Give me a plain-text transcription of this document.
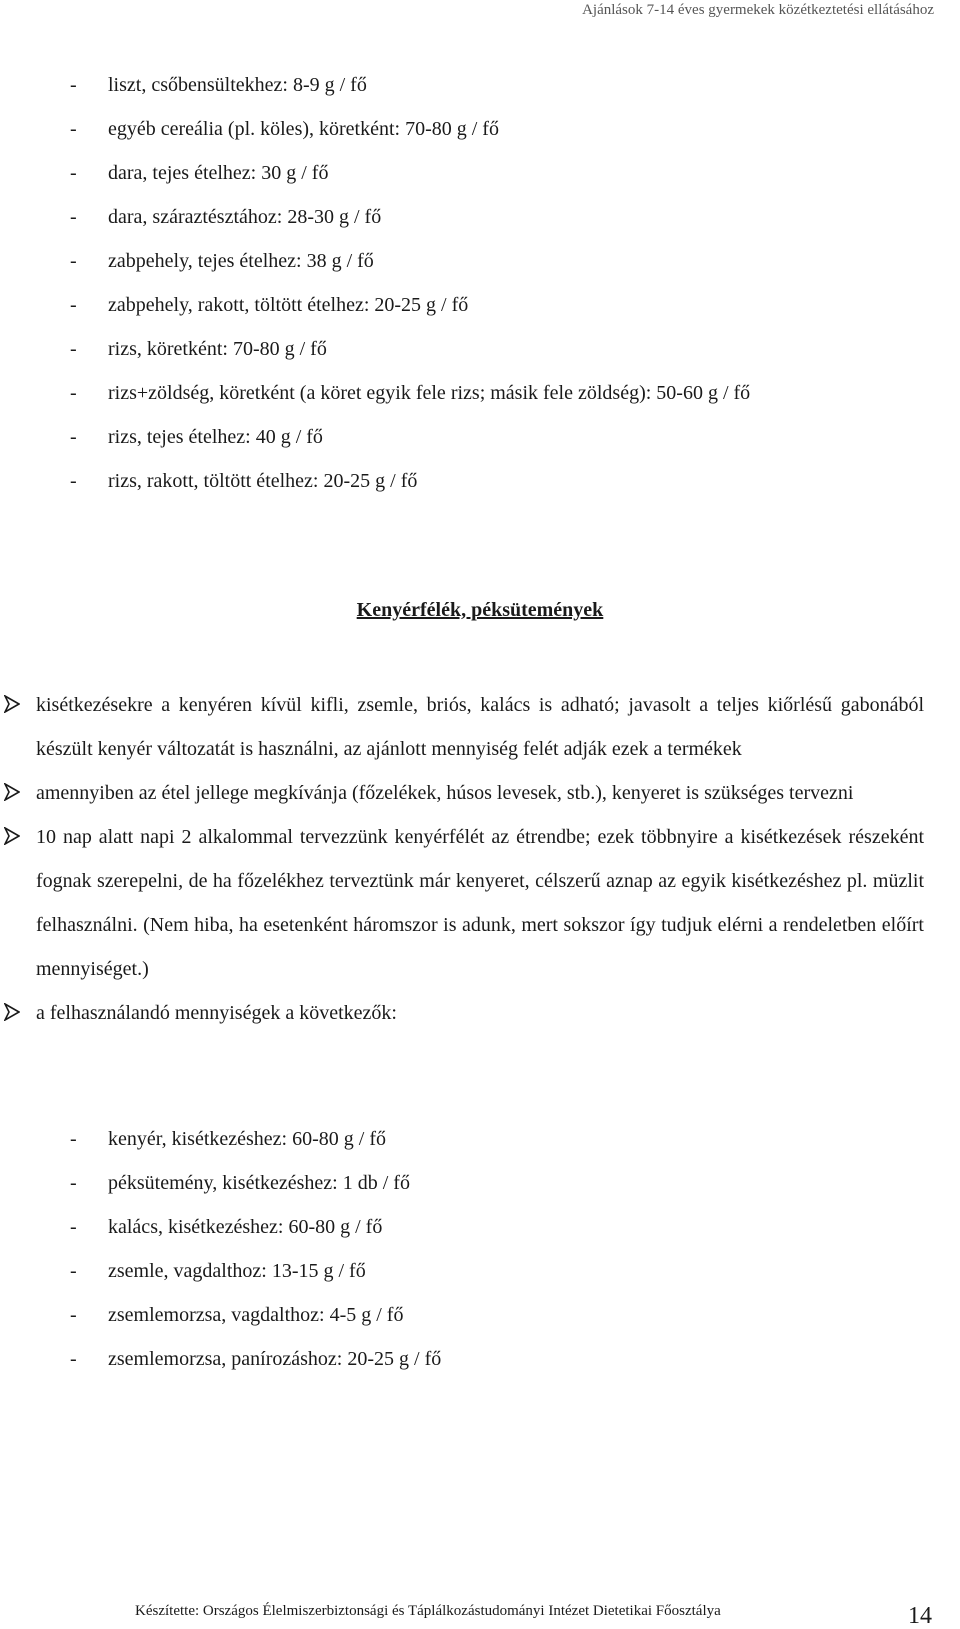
Ajánlások 7-14 éves gyermekek közétkeztetési ellátásához
-	liszt, csőbensültekhez: 8-9 g / fő
-	egyéb cereália (pl. köles), köretként: 70-80 g / fő
-	dara, tejes ételhez: 30 g / fő
-	dara, száraztésztához: 28-30 g / fő
-	zabpehely, tejes ételhez: 38 g / fő
-	zabpehely, rakott, töltött ételhez: 20-25 g / fő
-	rizs, köretként: 70-80 g / fő
-	rizs+zöldség, köretként (a köret egyik fele rizs; másik fele zöldség): 50-60 g / fő
-	rizs, tejes ételhez: 40 g / fő
-	rizs, rakott, töltött ételhez: 20-25 g / fő
Kenyérfélék, péksütemények
kisétkezésekre a kenyéren kívül kifli, zsemle, briós, kalács is adható; javasolt a teljes kiőrlésű gabonából készült kenyér változatát is használni, az ajánlott mennyiség felét adják ezek a termékek
amennyiben az étel jellege megkívánja (főzelékek, húsos levesek, stb.), kenyeret is szükséges tervezni
10 nap alatt napi 2 alkalommal tervezzünk kenyérfélét az étrendbe; ezek többnyire a kisétkezések részeként fognak szerepelni, de ha főzelékhez terveztünk már kenyeret, célszerű aznap az egyik kisétkezéshez pl. müzlit felhasználni. (Nem hiba, ha esetenként háromszor is adunk, mert sokszor így tudjuk elérni a rendeletben előírt mennyiséget.)
a felhasználandó mennyiségek a következők:
-	kenyér, kisétkezéshez: 60-80 g / fő
-	péksütemény, kisétkezéshez: 1 db / fő
-	kalács, kisétkezéshez: 60-80 g / fő
-	zsemle, vagdalthoz: 13-15 g / fő
-	zsemlemorzsa, vagdalthoz: 4-5 g / fő
-	zsemlemorzsa, panírozáshoz: 20-25 g / fő
Készítette: Országos Élelmiszerbiztonsági és Táplálkozástudományi Intézet Dietetikai Főosztálya	14
